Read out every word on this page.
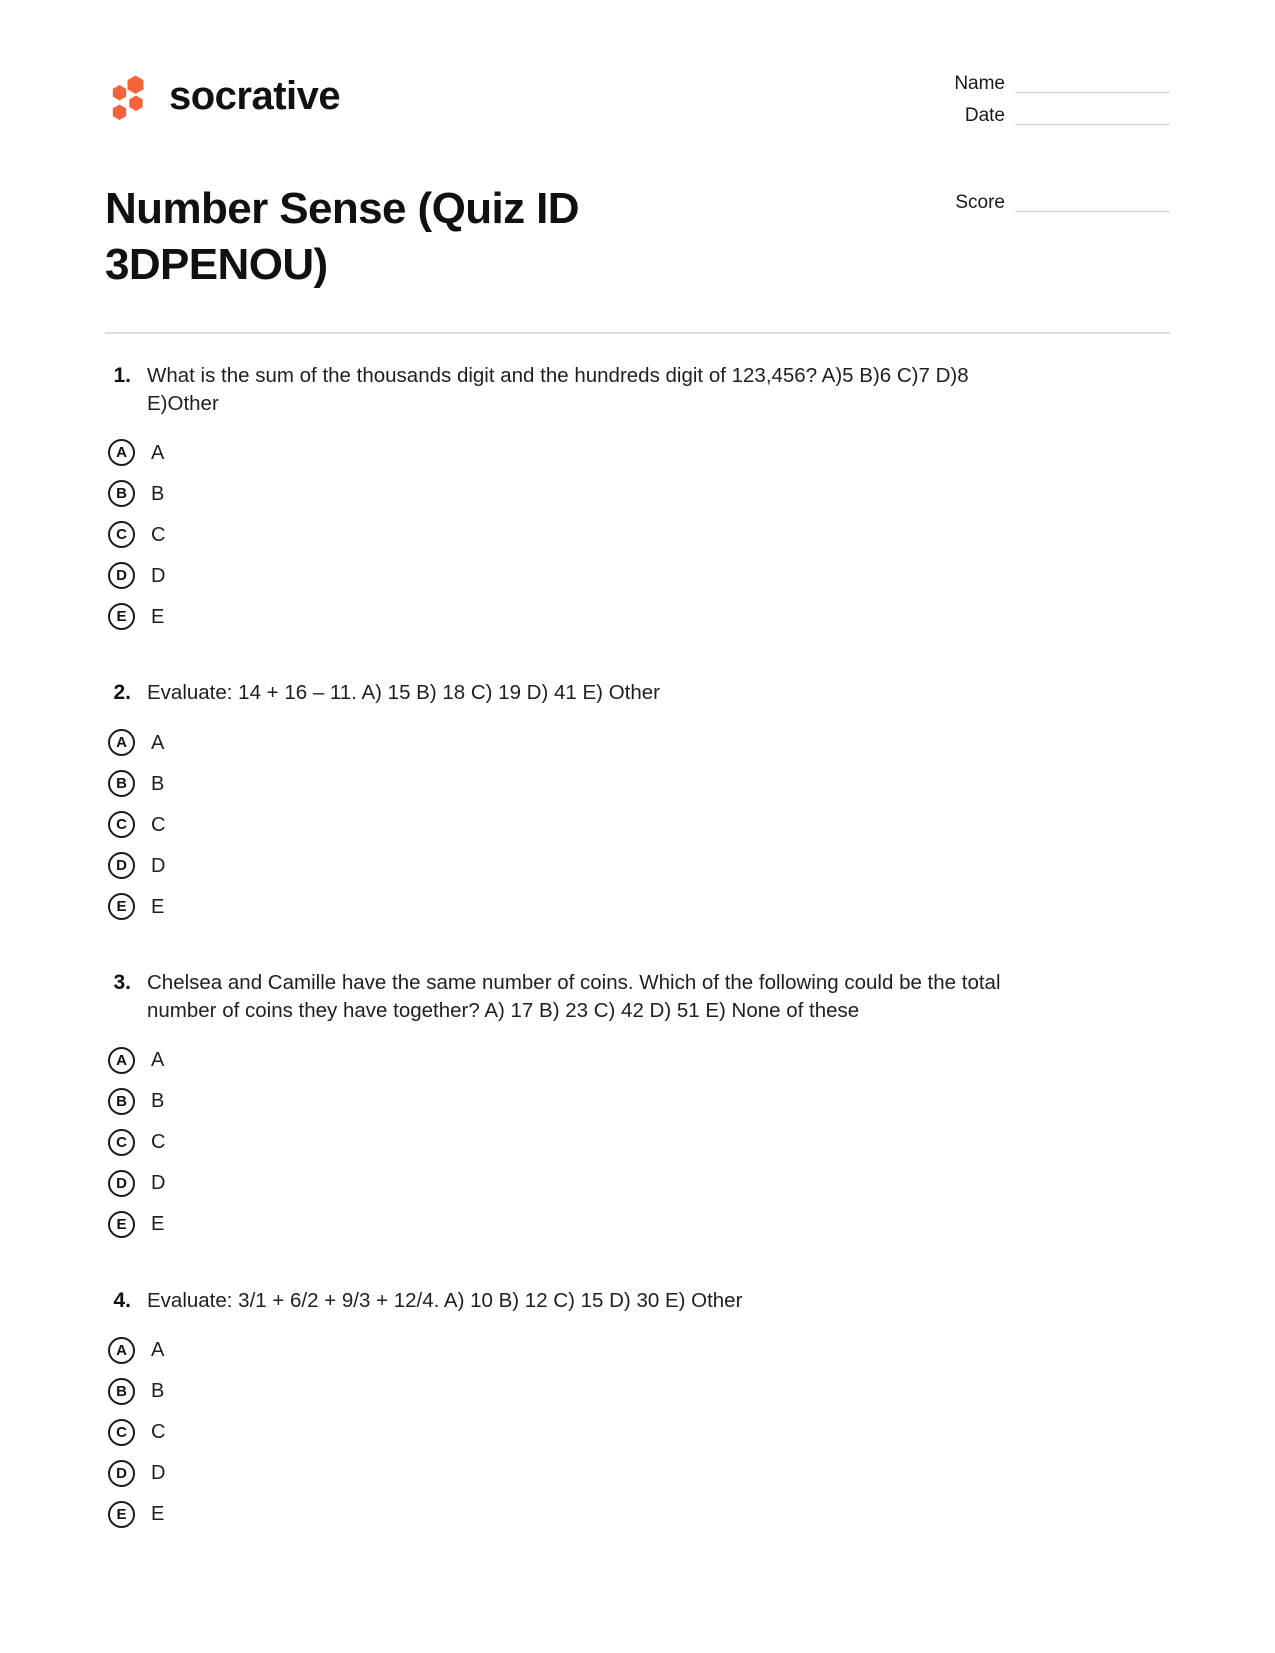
socrative	Name
Date
Score
Number Sense (Quiz ID 3DPENOU)
1. What is the sum of the thousands digit and the hundreds digit of 123,456? A)5 B)6 C)7 D)8 E)Other
A	A
B	B
C	C
D	D
E	E
2. Evaluate: 14 + 16 – 11. A) 15 B) 18 C) 19 D) 41 E) Other
A	A
B	B
C	C
D	D
E	E
3. Chelsea and Camille have the same number of coins. Which of the following could be the total number of coins they have together? A) 17 B) 23 C) 42 D) 51 E) None of these
A	A
B	B
C	C
D	D
E	E
4. Evaluate: 3/1 + 6/2 + 9/3 + 12/4. A) 10 B) 12 C) 15 D) 30 E) Other
A	A
B	B
C	C
D	D
E	E
